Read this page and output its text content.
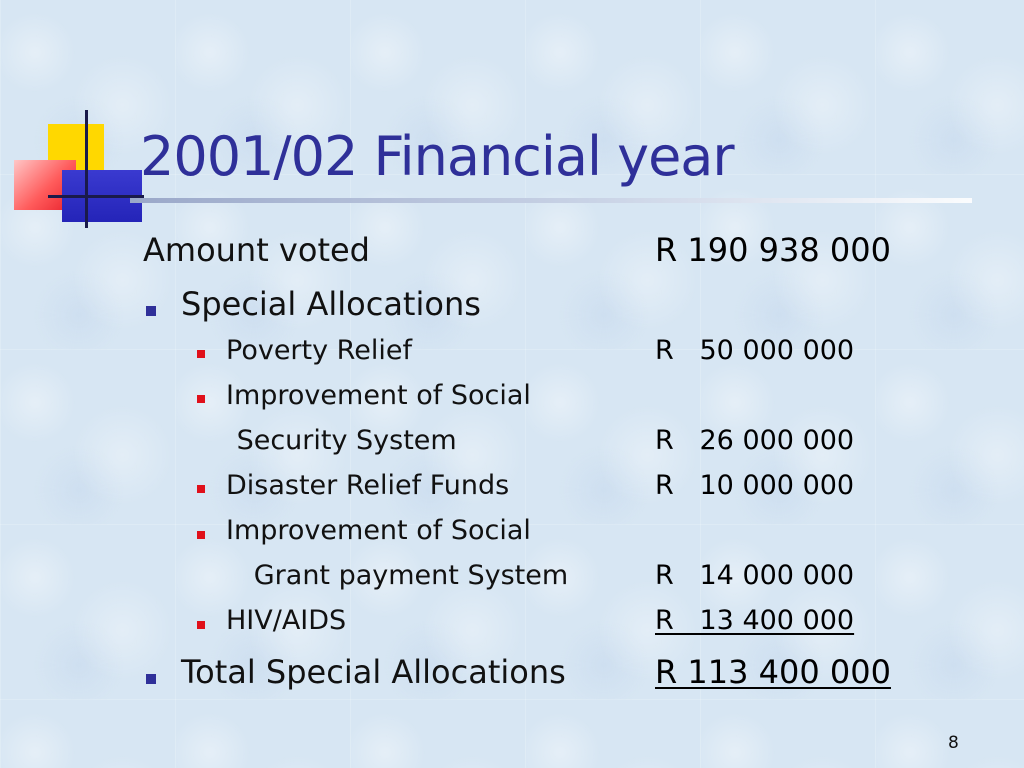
2001/02 Financial year
Amount voted	R 190 938 000
Special Allocations
Poverty Relief	R   50 000 000
Improvement of Social
Security System	R   26 000 000
Disaster Relief Funds	R   10 000 000
Improvement of Social
Grant payment System	R   14 000 000
HIV/AIDS	R   13 400 000
Total Special Allocations	R 113 400 000
8
